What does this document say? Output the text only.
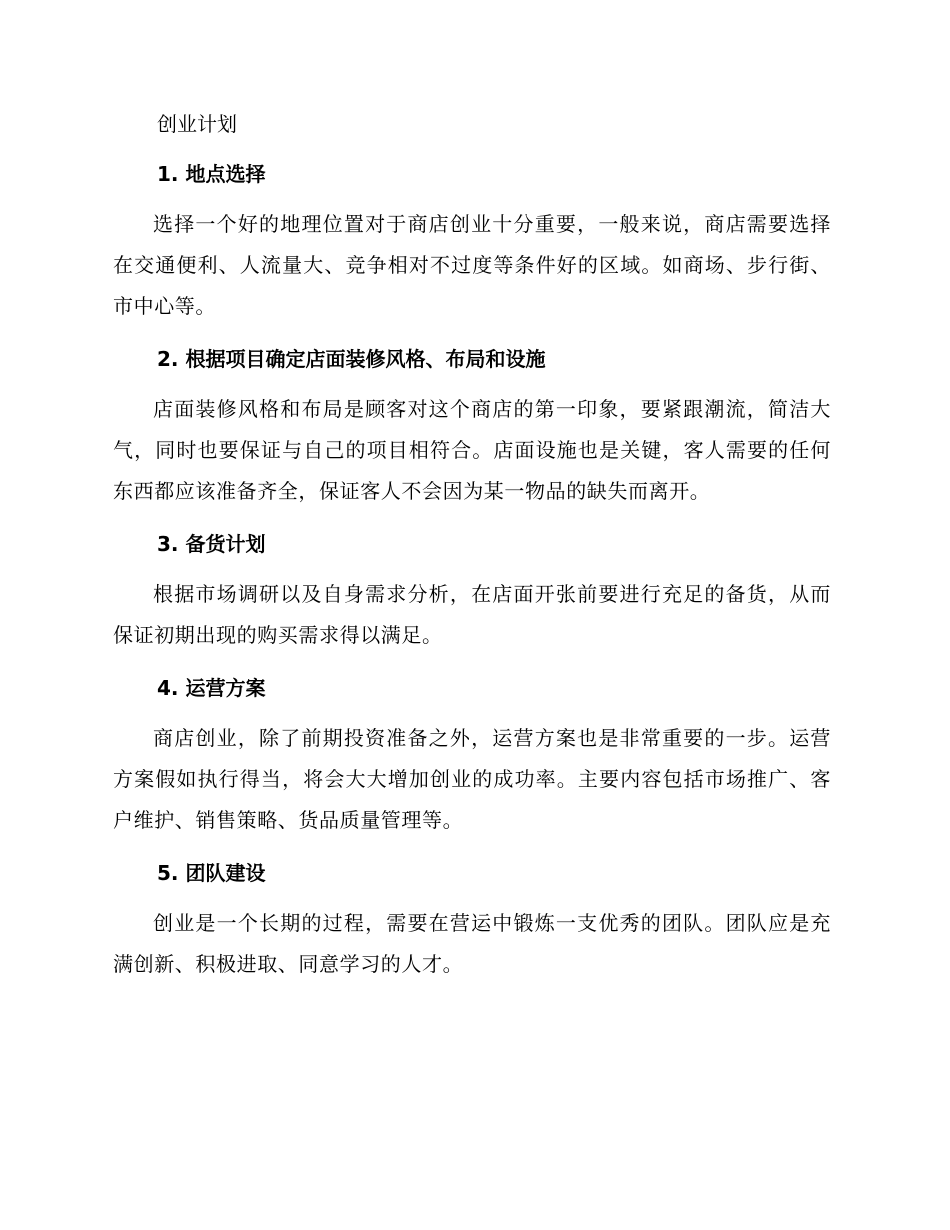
创业计划
1. 地点选择

选择一个好的地理位置对于商店创业十分重要，一般来说，商店需要选择在交通便利、人流量大、竞争相对不过度等条件好的区域。如商场、步行街、市中心等。

2. 根据项目确定店面装修风格、布局和设施

店面装修风格和布局是顾客对这个商店的第一印象，要紧跟潮流，简洁大气，同时也要保证与自己的项目相符合。店面设施也是关键，客人需要的任何东西都应该准备齐全，保证客人不会因为某一物品的缺失而离开。

3. 备货计划

根据市场调研以及自身需求分析，在店面开张前要进行充足的备货，从而保证初期出现的购买需求得以满足。

4. 运营方案

商店创业，除了前期投资准备之外，运营方案也是非常重要的一步。运营方案假如执行得当，将会大大增加创业的成功率。主要内容包括市场推广、客户维护、销售策略、货品质量管理等。

5. 团队建设

创业是一个长期的过程，需要在营运中锻炼一支优秀的团队。团队应是充满创新、积极进取、同意学习的人才。
